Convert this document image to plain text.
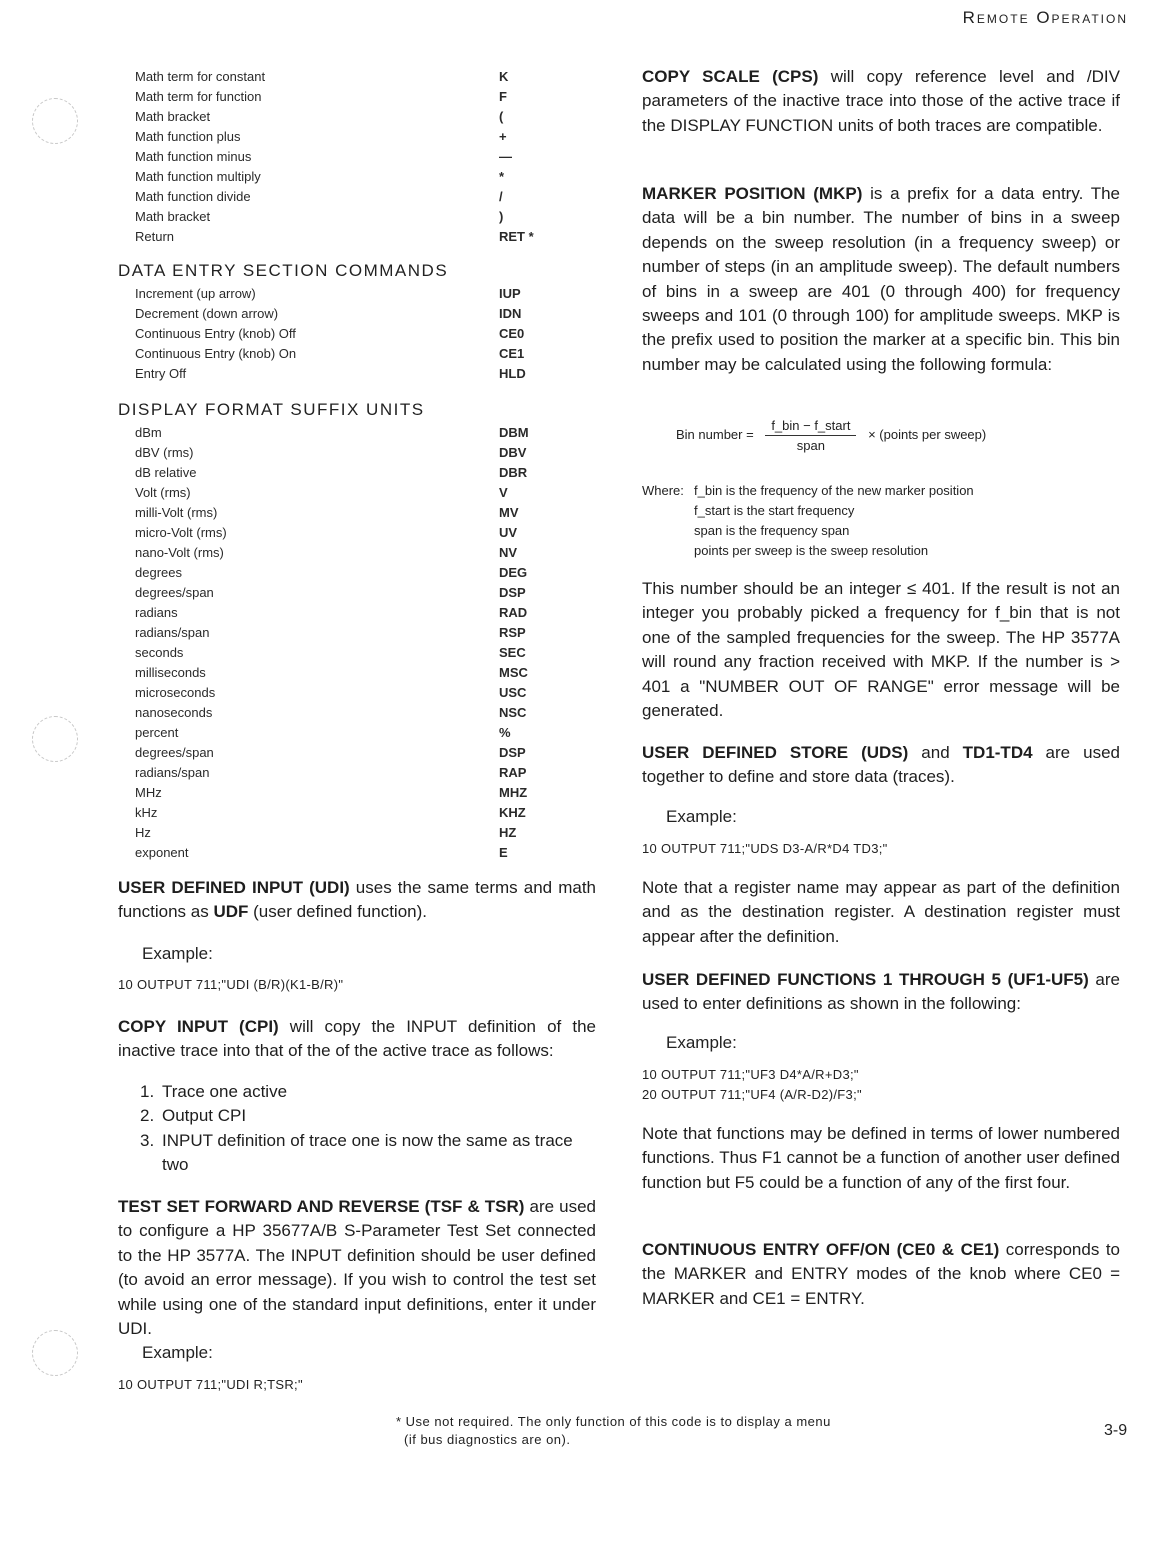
Remote Operation
Math term for constant	K
Math term for function	F
Math bracket	(
Math function plus	+
Math function minus	—
Math function multiply	*
Math function divide	/
Math bracket	)
Return	RET *
DATA ENTRY SECTION COMMANDS
Increment (up arrow)	IUP
Decrement (down arrow)	IDN
Continuous Entry (knob) Off	CE0
Continuous Entry (knob) On	CE1
Entry Off	HLD
DISPLAY FORMAT SUFFIX UNITS
dBm	DBM
dBV (rms)	DBV
dB relative	DBR
Volt (rms)	V
milli-Volt (rms)	MV
micro-Volt (rms)	UV
nano-Volt (rms)	NV
degrees	DEG
degrees/span	DSP
radians	RAD
radians/span	RSP
seconds	SEC
milliseconds	MSC
microseconds	USC
nanoseconds	NSC
percent	%
degrees/span	DSP
radians/span	RAP
MHz	MHZ
kHz	KHZ
Hz	HZ
exponent	E
USER DEFINED INPUT (UDI) uses the same terms and math functions as UDF (user defined function).
Example:
10 OUTPUT 711;"UDI (B/R)(K1-B/R)"
COPY INPUT (CPI) will copy the INPUT definition of the inactive trace into that of the of the active trace as follows:
1. Trace one active
2. Output CPI
3. INPUT definition of trace one is now the same as trace two
TEST SET FORWARD AND REVERSE (TSF & TSR) are used to configure a HP 35677A/B S-Parameter Test Set connected to the HP 3577A. The INPUT definition should be user defined (to avoid an error message). If you wish to control the test set while using one of the standard input definitions, enter it under UDI.
Example:
10 OUTPUT 711;"UDI R;TSR;"
COPY SCALE (CPS) will copy reference level and /DIV parameters of the inactive trace into those of the active trace if the DISPLAY FUNCTION units of both traces are compatible.
MARKER POSITION (MKP) is a prefix for a data entry. The data will be a bin number. The number of bins in a sweep depends on the sweep resolution (in a frequency sweep) or number of steps (in an amplitude sweep). The default numbers of bins in a sweep are 401 (0 through 400) for frequency sweeps and 101 (0 through 100) for amplitude sweeps. MKP is the prefix used to position the marker at a specific bin. This bin number may be calculated using the following formula:
Bin number = $\frac{\text{f\_bin − f\_start}}{\text{span}}$ × (points per sweep)
Where: f_bin is the frequency of the new marker position
f_start is the start frequency
span is the frequency span
points per sweep is the sweep resolution
This number should be an integer ≤ 401. If the result is not an integer you probably picked a frequency for f_bin that is not one of the sampled frequencies for the sweep. The HP 3577A will round any fraction received with MKP. If the number is > 401 a "NUMBER OUT OF RANGE" error message will be generated.
USER DEFINED STORE (UDS) and TD1-TD4 are used together to define and store data (traces).
Example:
10 OUTPUT 711;"UDS D3-A/R*D4 TD3;"
Note that a register name may appear as part of the definition and as the destination register. A destination register must appear after the definition.
USER DEFINED FUNCTIONS 1 THROUGH 5 (UF1-UF5) are used to enter definitions as shown in the following:
Example:
10 OUTPUT 711;"UF3 D4*A/R+D3;"
20 OUTPUT 711;"UF4 (A/R-D2)/F3;"
Note that functions may be defined in terms of lower numbered functions. Thus F1 cannot be a function of another user defined function but F5 could be a function of any of the first four.
CONTINUOUS ENTRY OFF/ON (CE0 & CE1) corresponds to the MARKER and ENTRY modes of the knob where CE0 = MARKER and CE1 = ENTRY.
* Use not required. The only function of this code is to display a menu
(if bus diagnostics are on).
3-9
